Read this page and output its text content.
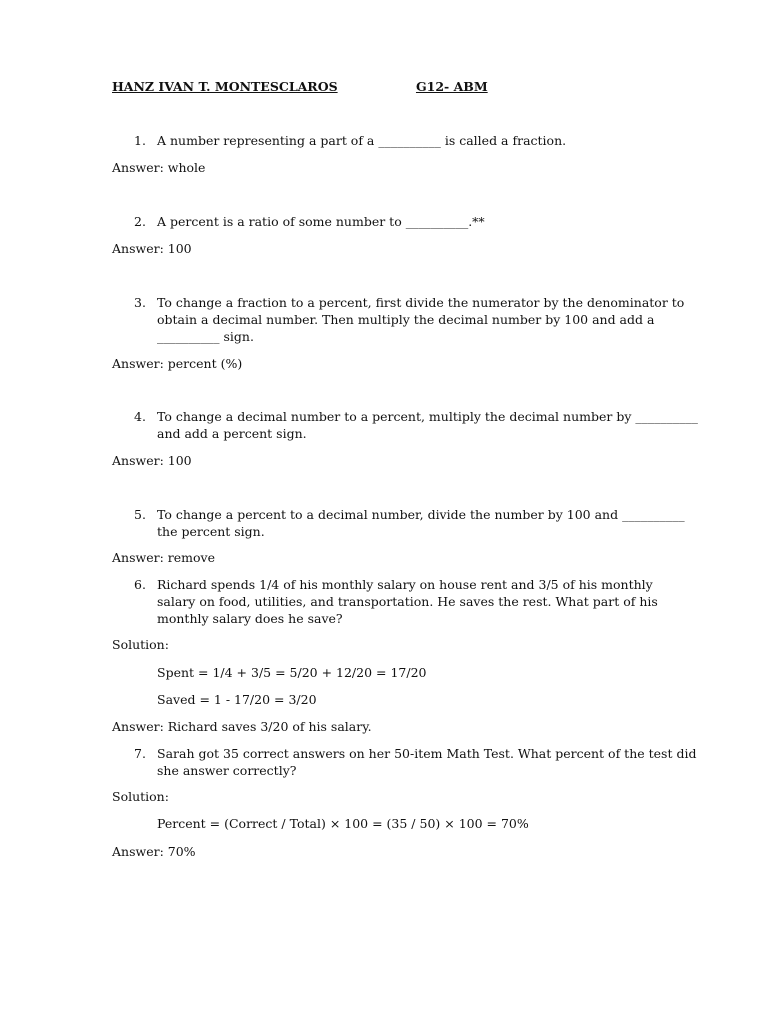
HANZ IVAN T. MONTESCLAROS	G12- ABM
1. A number representing a part of a __________ is called a fraction.
Answer: whole
2. A percent is a ratio of some number to __________.**
Answer: 100
3. To change a fraction to a percent, first divide the numerator by the denominator to
obtain a decimal number. Then multiply the decimal number by 100 and add a
__________ sign.
Answer: percent (%)
4. To change a decimal number to a percent, multiply the decimal number by __________
and add a percent sign.
Answer: 100
5. To change a percent to a decimal number, divide the number by 100 and __________
the percent sign.
Answer: remove
6. Richard spends 1/4 of his monthly salary on house rent and 3/5 of his monthly
salary on food, utilities, and transportation. He saves the rest. What part of his
monthly salary does he save?
Solution:
Spent = 1/4 + 3/5 = 5/20 + 12/20 = 17/20
Saved = 1 - 17/20 = 3/20
Answer: Richard saves 3/20 of his salary.
7. Sarah got 35 correct answers on her 50-item Math Test. What percent of the test did
she answer correctly?
Solution:
Percent = (Correct / Total) × 100 = (35 / 50) × 100 = 70%
Answer: 70%
